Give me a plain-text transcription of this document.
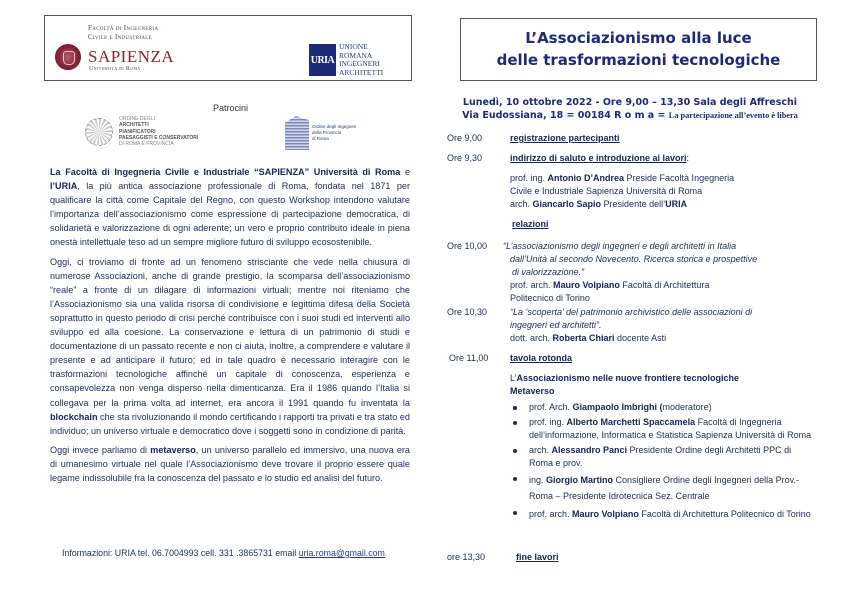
Facoltà di Ingegneria
Civile e Industriale
SAPIENZA
Università di Roma
URIA
UNIONE
ROMANA
INGEGNERI
ARCHITETTI
Patrocini
ORDINE DEGLI
ARCHITETTI
PIANIFICATORI
PAESAGGISTI E CONSERVATORI
DI ROMA E PROVINCIA
Ordine degli Ingegneri
della Provincia
di Roma

La Facoltà di Ingegneria Civile e Industriale “SAPIENZA” Università di Roma e l’URIA, la più antica associazione professionale di Roma, fondata nel 1871 per qualificare la città come Capitale del Regno, con questo Workshop intendono valutare l’importanza dell’associazionismo come espressione di partecipazione democratica, di solidarietà e valorizzazione di ogni aderente; un vero e proprio contributo ideale in piena onestà intellettuale teso ad un sempre migliore futuro di sviluppo ecosostenibile.

Oggi, ci troviamo di fronte ad un fenomeno strisciante che vede nella chiusura di numerose Associazioni, anche di grande prestigio, la scomparsa dell’associazionismo “reale” a fronte di un dilagare di informazioni virtuali; mentre noi riteniamo che l’Associazionismo sia una valida risorsa di condivisione e legittima difesa della Società soprattutto in questo periodo di crisi perché contribuisce con i suoi studi ed interventi allo sviluppo ed alla coesione. La conservazione e lettura di un patrimonio di studi e documentazione di un passato recente e non ci aiuta, inoltre, a comprendere e valutare il presente e ad anticipare il futuro; ed in tale quadro è necessario interagire con le trasformazioni tecnologiche affinché un capitale di conoscenza, esperienza e consapevolezza non venga disperso nella dimenticanza. Era il 1986 quando l’Italia si collegava per la prima volta ad internet, era ancora il 1991 quando fu inventata la blockchain che sta rivoluzionando il mondo certificando i rapporti tra privati e tra stato ed individuo; un universo virtuale e democratico dove i soggetti sono in condizione di parità.

Oggi invece parliamo di metaverso, un universo parallelo ed immersivo, una nuova era di umanesimo virtuale nel quale l’Associazionismo deve trovare il proprio essere quale legame indissolubile fra la conoscenza del passato e lo studio ed analisi del futuro.

Informazioni: URIA tel. 06.7004993 cell. 331 .3865731 email uria.roma@gmail.com
L’Associazionismo alla luce
delle trasformazioni tecnologiche
Lunedì, 10 ottobre 2022 - Ore 9,00 – 13,30 Sala degli Affreschi
Via Eudossiana, 18 = 00184 R o m a = La partecipazione all’evento è libera
Ore 9,00	registrazione partecipanti
Ore 9,30	indirizzo di saluto e introduzione ai lavori:
prof. ing. Antonio D’Andrea Preside Facoltà Ingegneria
Civile e Industriale Sapienza Università di Roma
arch. Giancarlo Sapio Presidente dell’URIA
relazioni
Ore 10,00 “L’associazionismo degli ingegneri e degli architetti in Italia
dall’Unità al secondo Novecento. Ricerca storica e prospettive
di valorizzazione.”
prof. arch. Mauro Volpiano Facoltà di Architettura
Politecnico di Torino
Ore 10,30	“La ‘scoperta’ del patrimonio archivistico delle associazioni di
ingegneri ed architetti”.
dott. arch. Roberta Chiari docente Asti
Ore 11,00 tavola rotonda
L’Associazionismo nelle nuove frontiere tecnologiche
Metaverso
prof. Arch. Giampaolo Imbrighi (moderatore)
prof. ing. Alberto Marchetti Spaccamela Facoltà di Ingegneria dell’informazione, Informatica e Statistica Sapienza Università di Roma
arch. Alessandro Panci Presidente Ordine degli Architetti PPC di Roma e prov.
ing. Giorgio Martino Consigliere Ordine degli Ingegneri della Prov.-Roma – Presidente Idrotecnica Sez. Centrale
prof. arch. Mauro Volpiano Facoltà di Architettura Politecnico di Torino
ore 13,30	fine lavori
